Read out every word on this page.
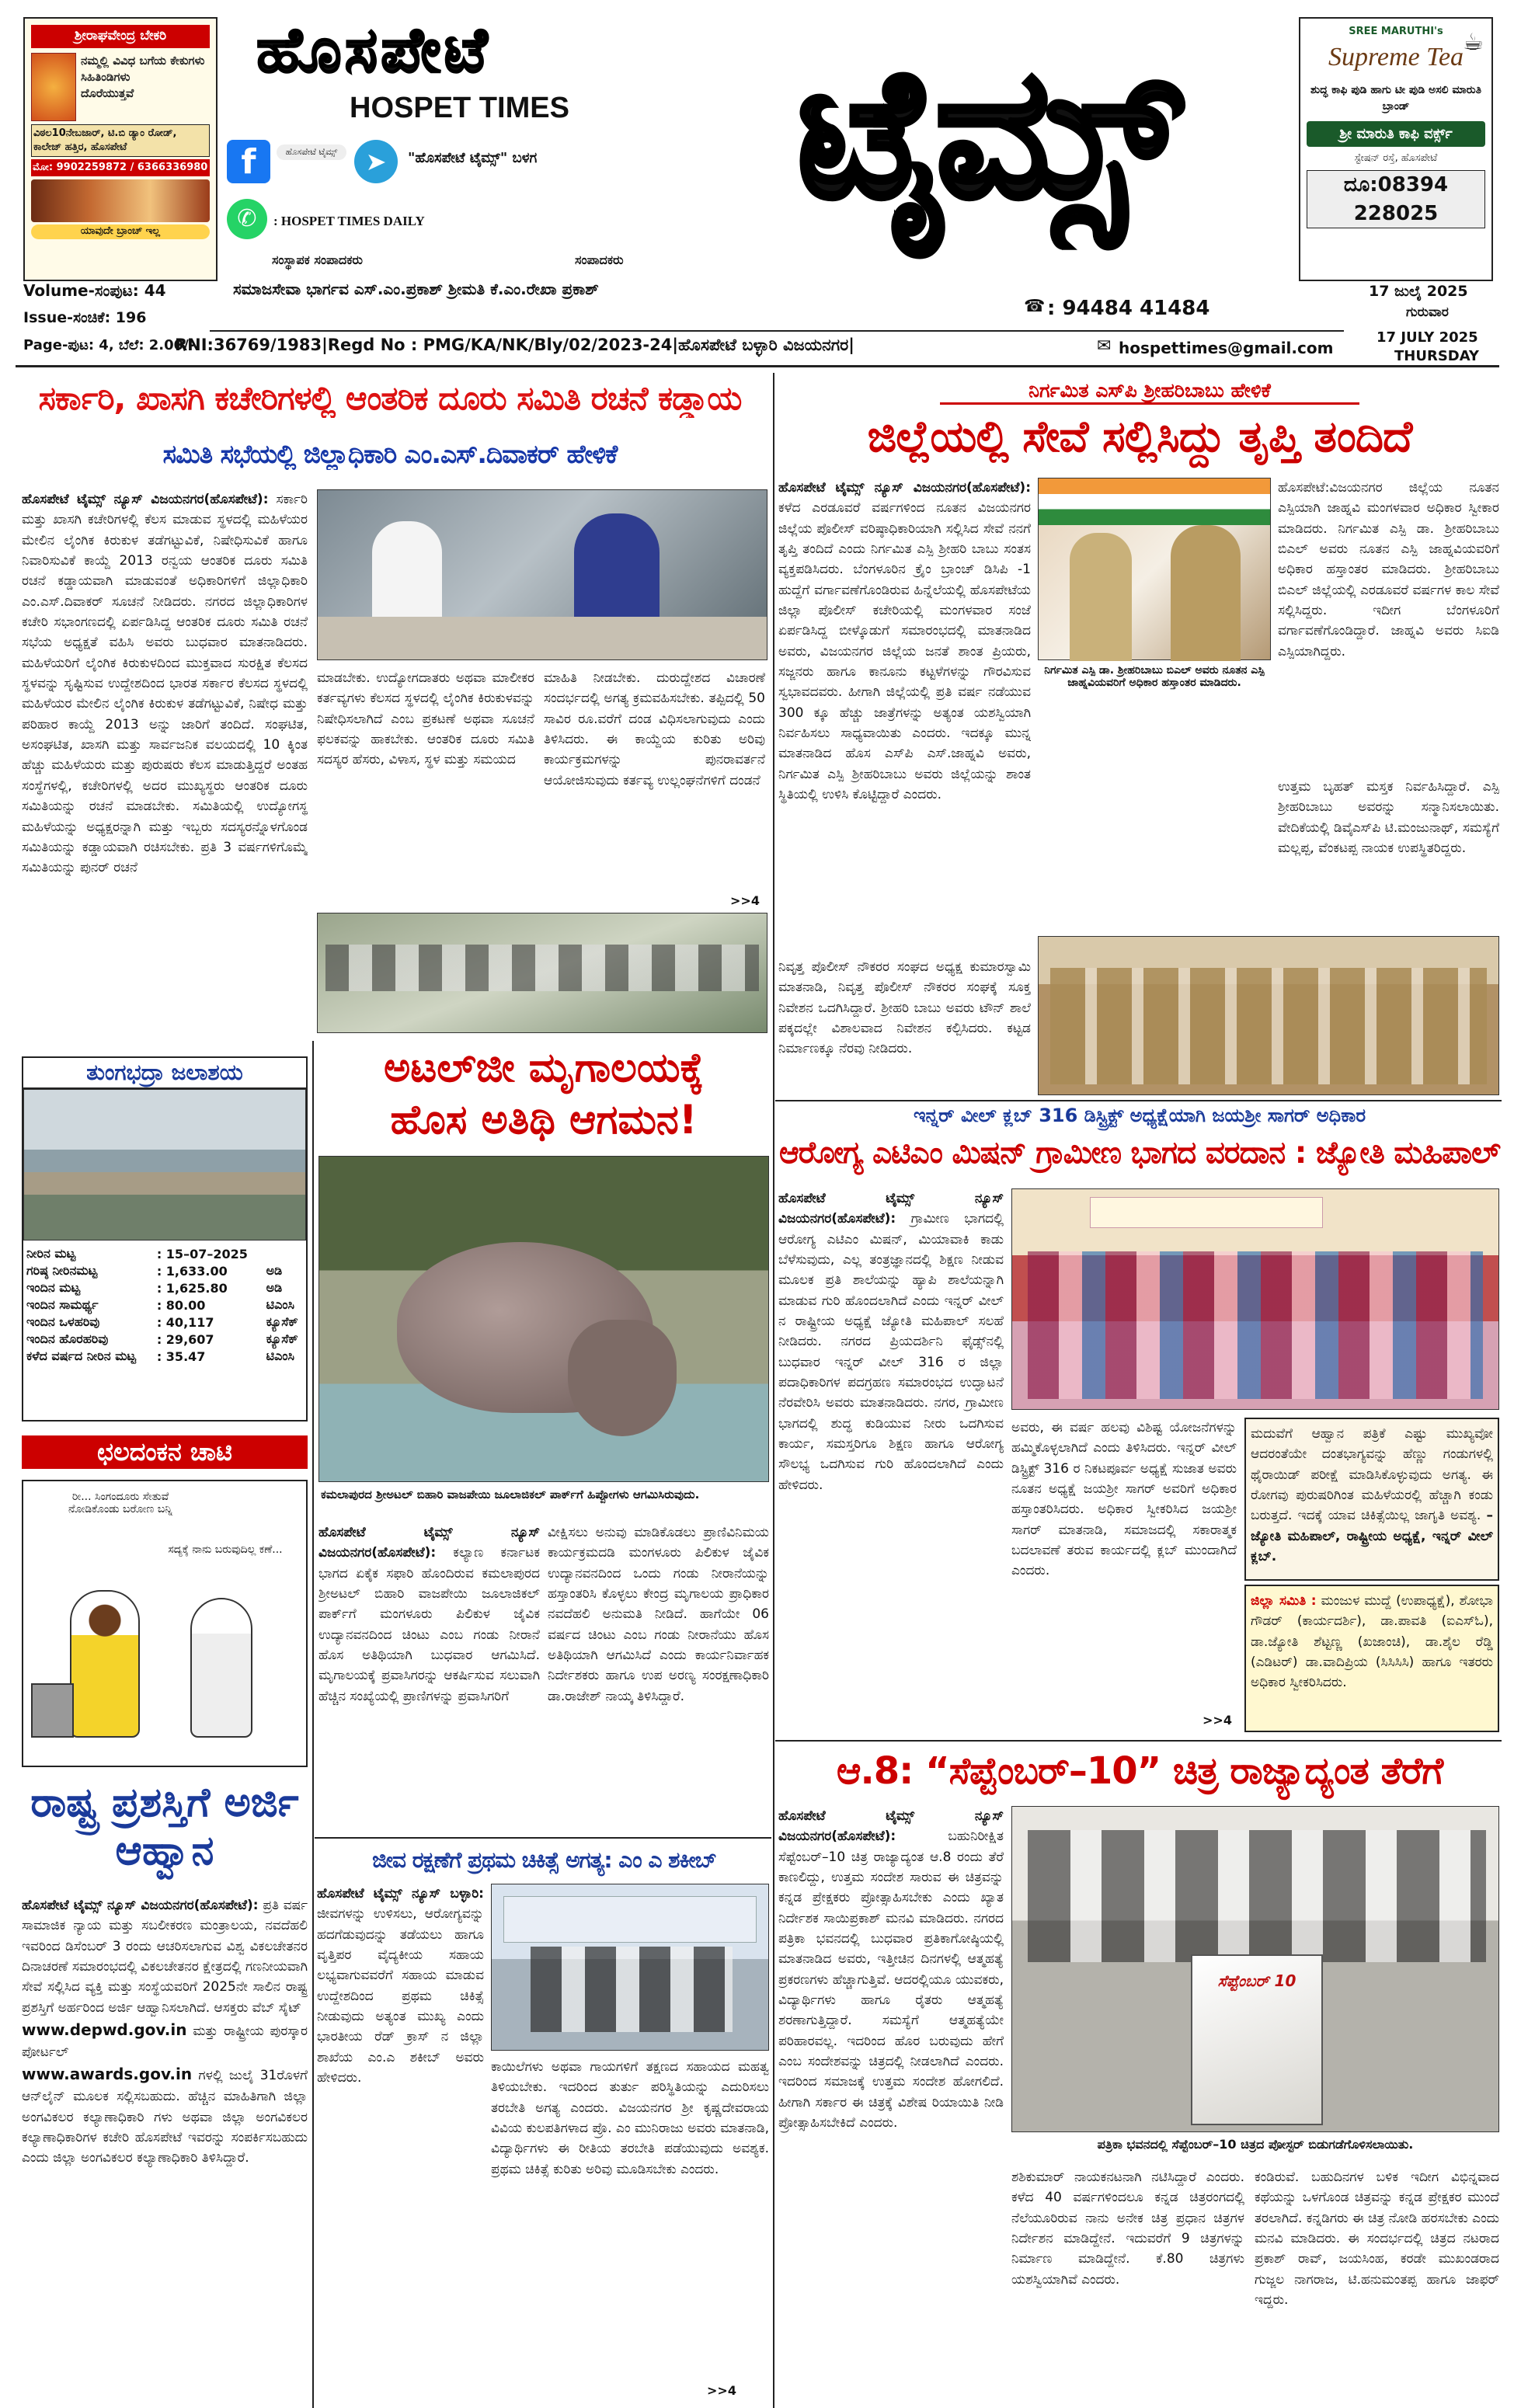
ಶ್ರೀರಾಘವೇಂದ್ರ ಬೇಕರಿ
ನಮ್ಮಲ್ಲಿ ವಿವಿಧ ಬಗೆಯ ಕೇಕುಗಳು ಸಿಹಿತಿಂಡಿಗಳು
ದೊರೆಯುತ್ತವೆ
ವಿಠಲ10ನೇಬಜಾರ್, ಟಿ.ಬಿ ಡ್ಯಾಂ ರೋಡ್, ಕಾಲೇಜ್ ಹತ್ತಿರ, ಹೊಸಪೇಟೆ
ಮೋ: 9902259872 / 6366336980
ಯಾವುದೇ ಬ್ರಾಂಚ್ ಇಲ್ಲ
ಹೊಸಪೇಟೆ
HOSPET TIMES
f	ಹೊಸಪೇಟೆ ಟೈಮ್ಸ್	➤	"ಹೊಸಪೇಟೆ ಟೈಮ್ಸ್" ಬಳಗ
✆	: HOSPET TIMES DAILY	ಟೈಮ್ಸ್	SREE MARUTHI's
Supreme Tea
☕
ಶುದ್ಧ ಕಾಫಿ ಪುಡಿ ಹಾಗು ಟೀ ಪುಡಿ ಅಸಲಿ ಮಾರುತಿ ಬ್ರಾಂಡ್
ಶ್ರೀ ಮಾರುತಿ ಕಾಫಿ ವರ್ಕ್ಸ್
ಸ್ಟೇಷನ್ ರಸ್ತೆ, ಹೊಸಪೇಟೆ
ದೂ:08394 228025
ಸಂಸ್ಥಾಪಕ ಸಂಪಾದಕರು	ಸಂಪಾದಕರು
Volume-ಸಂಪುಟ: 44
Issue-ಸಂಚಿಕೆ: 196
Page-ಪುಟ: 4, ಬೆಲೆ: 2.00/-
ಸಮಾಜಸೇವಾ ಭಾರ್ಗವ ಎಸ್.ಎಂ.ಪ್ರಕಾಶ್ ಶ್ರೀಮತಿ ಕೆ.ಎಂ.ರೇಖಾ ಪ್ರಕಾಶ್
☎ : 94484 41484
17 ಜುಲೈ 2025
ಗುರುವಾರ
RNI:36769/1983|Regd No : PMG/KA/NK/Bly/02/2023-24|ಹೊಸಪೇಟೆ ಬಳ್ಳಾರಿ ವಿಜಯನಗರ|	✉ hospettimes@gmail.com
17 JULY 2025
THURSDAY
ಸರ್ಕಾರಿ, ಖಾಸಗಿ ಕಚೇರಿಗಳಲ್ಲಿ ಆಂತರಿಕ ದೂರು ಸಮಿತಿ ರಚನೆ ಕಡ್ಡಾಯ
ಸಮಿತಿ ಸಭೆಯಲ್ಲಿ ಜಿಲ್ಲಾಧಿಕಾರಿ ಎಂ.ಎಸ್.ದಿವಾಕರ್ ಹೇಳಿಕೆ
ಹೊಸಪೇಟೆ ಟೈಮ್ಸ್ ನ್ಯೂಸ್ ವಿಜಯನಗರ(ಹೊಸಪೇಟೆ): ಸರ್ಕಾರಿ ಮತ್ತು ಖಾಸಗಿ ಕಚೇರಿಗಳಲ್ಲಿ ಕೆಲಸ ಮಾಡುವ ಸ್ಥಳದಲ್ಲಿ ಮಹಿಳೆಯರ ಮೇಲಿನ ಲೈಂಗಿಕ ಕಿರುಕುಳ ತಡೆಗಟ್ಟುವಿಕೆ, ನಿಷೇಧಿಸುವಿಕೆ ಹಾಗೂ ನಿವಾರಿಸುವಿಕೆ ಕಾಯ್ದೆ 2013 ರನ್ವಯ ಆಂತರಿಕ ದೂರು ಸಮಿತಿ ರಚನೆ ಕಡ್ಡಾಯವಾಗಿ ಮಾಡುವಂತೆ ಅಧಿಕಾರಿಗಳಿಗೆ ಜಿಲ್ಲಾಧಿಕಾರಿ ಎಂ.ಎಸ್.ದಿವಾಕರ್ ಸೂಚನೆ ನೀಡಿದರು. ನಗರದ ಜಿಲ್ಲಾಧಿಕಾರಿಗಳ ಕಚೇರಿ ಸಭಾಂಗಣದಲ್ಲಿ ಏರ್ಪಡಿಸಿದ್ದ ಆಂತರಿಕ ದೂರು ಸಮಿತಿ ರಚನೆ ಸಭೆಯ ಅಧ್ಯಕ್ಷತೆ ವಹಿಸಿ ಅವರು ಬುಧವಾರ ಮಾತನಾಡಿದರು. ಮಹಿಳೆಯರಿಗೆ ಲೈಂಗಿಕ ಕಿರುಕುಳದಿಂದ ಮುಕ್ತವಾದ ಸುರಕ್ಷಿತ ಕೆಲಸದ ಸ್ಥಳವನ್ನು ಸೃಷ್ಟಿಸುವ ಉದ್ದೇಶದಿಂದ ಭಾರತ ಸರ್ಕಾರ ಕೆಲಸದ ಸ್ಥಳದಲ್ಲಿ ಮಹಿಳೆಯರ ಮೇಲಿನ ಲೈಂಗಿಕ ಕಿರುಕುಳ ತಡೆಗಟ್ಟುವಿಕೆ, ನಿಷೇಧ ಮತ್ತು ಪರಿಹಾರ ಕಾಯ್ದೆ 2013 ಅನ್ನು ಜಾರಿಗೆ ತಂದಿದೆ. ಸಂಘಟಿತ, ಅಸಂಘಟಿತ, ಖಾಸಗಿ ಮತ್ತು ಸಾರ್ವಜನಿಕ ವಲಯದಲ್ಲಿ 10 ಕ್ಕಿಂತ ಹೆಚ್ಚು ಮಹಿಳೆಯರು ಮತ್ತು ಪುರುಷರು ಕೆಲಸ ಮಾಡುತ್ತಿದ್ದರೆ ಅಂತಹ ಸಂಸ್ಥೆಗಳಲ್ಲಿ, ಕಚೇರಿಗಳಲ್ಲಿ ಅದರ ಮುಖ್ಯಸ್ಥರು ಆಂತರಿಕ ದೂರು ಸಮಿತಿಯನ್ನು ರಚನೆ ಮಾಡಬೇಕು. ಸಮಿತಿಯಲ್ಲಿ ಉದ್ಯೋಗಸ್ಥ ಮಹಿಳೆಯನ್ನು ಅಧ್ಯಕ್ಷರನ್ನಾಗಿ ಮತ್ತು ಇಬ್ಬರು ಸದಸ್ಯರನ್ನೊಳಗೊಂಡ ಸಮಿತಿಯನ್ನು ಕಡ್ಡಾಯವಾಗಿ ರಚಿಸಬೇಕು. ಪ್ರತಿ 3 ವರ್ಷಗಳಿಗೊಮ್ಮೆ ಸಮಿತಿಯನ್ನು ಪುನರ್ ರಚನೆ
ಮಾಡಬೇಕು. ಉದ್ಯೋಗದಾತರು ಅಥವಾ ಮಾಲೀಕರ ಕರ್ತವ್ಯಗಳು ಕೆಲಸದ ಸ್ಥಳದಲ್ಲಿ ಲೈಂಗಿಕ ಕಿರುಕುಳವನ್ನು ನಿಷೇಧಿಸಲಾಗಿದೆ ಎಂಬ ಪ್ರಕಟಣೆ ಅಥವಾ ಸೂಚನೆ ಫಲಕವನ್ನು ಹಾಕಬೇಕು. ಆಂತರಿಕ ದೂರು ಸಮಿತಿ ಸದಸ್ಯರ ಹೆಸರು, ವಿಳಾಸ, ಸ್ಥಳ ಮತ್ತು ಸಮಯದ
ಮಾಹಿತಿ ನೀಡಬೇಕು. ದುರುದ್ದೇಶದ ವಿಚಾರಣೆ ಸಂದರ್ಭದಲ್ಲಿ ಅಗತ್ಯ ಕ್ರಮವಹಿಸಬೇಕು. ತಪ್ಪಿದಲ್ಲಿ 50 ಸಾವಿರ ರೂ.ವರೆಗೆ ದಂಡ ವಿಧಿಸಲಾಗುವುದು ಎಂದು ತಿಳಿಸಿದರು. ಈ ಕಾಯ್ದೆಯ ಕುರಿತು ಅರಿವು ಕಾರ್ಯಕ್ರಮಗಳನ್ನು ಪುನರಾವರ್ತನೆ ಆಯೋಜಿಸುವುದು ಕರ್ತವ್ಯ ಉಲ್ಲಂಘನೆಗಳಿಗೆ ದಂಡನೆ
>>4
ತುಂಗಭದ್ರಾ ಜಲಾಶಯ
ನೀರಿನ ಮಟ್ಟ	: 15–07–2025	
ಗರಿಷ್ಠ ನೀರಿನಮಟ್ಟ	: 1,633.00	ಅಡಿ
ಇಂದಿನ ಮಟ್ಟ	: 1,625.80	ಅಡಿ
ಇಂದಿನ ಸಾಮರ್ಥ್ಯ	: 80.00	ಟಿಎಂಸಿ
ಇಂದಿನ ಒಳಹರಿವು	: 40,117	ಕ್ಯೂಸೆಕ್
ಇಂದಿನ ಹೊರಹರಿವು	: 29,607	ಕ್ಯೂಸೆಕ್
ಕಳೆದ ವರ್ಷದ ನೀರಿನ ಮಟ್ಟ	: 35.47	ಟಿಎಂಸಿ
ಛಲದಂಕನ ಚಾಟಿ
ರೀ... ಸಿಂಗಂದೂರು ಸೇತುವೆ ನೋಡಿಕೊಂಡು ಬರೋಣ ಬನ್ನಿ
ಸದ್ಯಕ್ಕೆ ನಾನು ಬರುವುದಿಲ್ಲ ಕಣೆ...
ರಾಷ್ಟ್ರ ಪ್ರಶಸ್ತಿಗೆ ಅರ್ಜಿ ಆಹ್ವಾನ
ಹೊಸಪೇಟೆ ಟೈಮ್ಸ್ ನ್ಯೂಸ್ ವಿಜಯನಗರ(ಹೊಸಪೇಟೆ): ಪ್ರತಿ ವರ್ಷ ಸಾಮಾಜಿಕ ನ್ಯಾಯ ಮತ್ತು ಸಬಲೀಕರಣ ಮಂತ್ರಾಲಯ, ನವದೆಹಲಿ ಇವರಿಂದ ಡಿಸೆಂಬರ್ 3 ರಂದು ಆಚರಿಸಲಾಗುವ ವಿಶ್ವ ವಿಕಲಚೇತನರ ದಿನಾಚರಣೆ ಸಮಾರಂಭದಲ್ಲಿ ವಿಕಲಚೇತನರ ಕ್ಷೇತ್ರದಲ್ಲಿ ಗಣನೀಯವಾಗಿ ಸೇವೆ ಸಲ್ಲಿಸಿದ ವ್ಯಕ್ತಿ ಮತ್ತು ಸಂಸ್ಥೆಯವರಿಗೆ 2025ನೇ ಸಾಲಿನ ರಾಷ್ಟ್ರ ಪ್ರಶಸ್ತಿಗೆ ಅರ್ಹರಿಂದ ಅರ್ಜಿ ಆಹ್ವಾನಿಸಲಾಗಿದೆ. ಆಸಕ್ತರು ವೆಬ್ ಸೈಟ್
www.depwd.gov.in ಮತ್ತು ರಾಷ್ಟ್ರೀಯ ಪುರಸ್ಕಾರ ಪೋರ್ಟಲ್
www.awards.gov.in ಗಳಲ್ಲಿ ಜುಲೈ 31ರೊಳಗೆ ಆನ್‌ಲೈನ್ ಮೂಲಕ ಸಲ್ಲಿಸಬಹುದು. ಹೆಚ್ಚಿನ ಮಾಹಿತಿಗಾಗಿ ಜಿಲ್ಲಾ ಅಂಗವಿಕಲರ ಕಲ್ಯಾಣಾಧಿಕಾರಿ ಗಳು ಅಥವಾ ಜಿಲ್ಲಾ ಅಂಗವಿಕಲರ ಕಲ್ಯಾಣಾಧಿಕಾರಿಗಳ ಕಚೇರಿ ಹೊಸಪೇಟೆ ಇವರನ್ನು ಸಂಪರ್ಕಿಸಬಹುದು ಎಂದು ಜಿಲ್ಲಾ ಅಂಗವಿಕಲರ ಕಲ್ಯಾಣಾಧಿಕಾರಿ ತಿಳಿಸಿದ್ದಾರೆ.
ಅಟಲ್‌ಜೀ ಮೃಗಾಲಯಕ್ಕೆ
ಹೊಸ ಅತಿಥಿ ಆಗಮನ!
ಕಮಲಾಪುರದ ಶ್ರೀಅಟಲ್ ಬಿಹಾರಿ ವಾಜಪೇಯಿ ಜೂಲಾಜಿಕಲ್ ಪಾರ್ಕ್‌ಗೆ ಹಿಪ್ಪೋಗಳು ಆಗಮಿಸಿರುವುದು.
ಹೊಸಪೇಟೆ ಟೈಮ್ಸ್ ನ್ಯೂಸ್ ವಿಜಯನಗರ(ಹೊಸಪೇಟೆ): ಕಲ್ಯಾಣ ಕರ್ನಾಟಕ ಭಾಗದ ಏಕೈಕ ಸಫಾರಿ ಹೊಂದಿರುವ ಕಮಲಾಪುರದ ಶ್ರೀಅಟಲ್ ಬಿಹಾರಿ ವಾಜಪೇಯಿ ಜೂಲಾಜಿಕಲ್ ಪಾರ್ಕ್‌ಗೆ ಮಂಗಳೂರು ಪಿಲಿಕುಳ ಜೈವಿಕ ಉದ್ಯಾನವನದಿಂದ ಚಿಂಟು ಎಂಬ ಗಂಡು ನೀರಾನೆ ಹೊಸ ಅತಿಥಿಯಾಗಿ ಬುಧವಾರ ಆಗಮಿಸಿದೆ. ಮೃಗಾಲಯಕ್ಕೆ ಪ್ರವಾಸಿಗರನ್ನು ಆಕರ್ಷಿಸುವ ಸಲುವಾಗಿ ಹೆಚ್ಚಿನ ಸಂಖ್ಯೆಯಲ್ಲಿ ಪ್ರಾಣಿಗಳನ್ನು ಪ್ರವಾಸಿಗರಿಗೆ
ವೀಕ್ಷಿಸಲು ಅನುವು ಮಾಡಿಕೊಡಲು ಪ್ರಾಣಿವಿನಿಮಯ ಕಾರ್ಯಕ್ರಮದಡಿ ಮಂಗಳೂರು ಪಿಲಿಕುಳ ಜೈವಿಕ ಉದ್ಯಾನವನದಿಂದ ಒಂದು ಗಂಡು ನೀರಾನೆಯನ್ನು ಹಸ್ತಾಂತರಿಸಿ ಕೊಳ್ಳಲು ಕೇಂದ್ರ ಮೃಗಾಲಯ ಪ್ರಾಧಿಕಾರ ನವದೆಹಲಿ ಅನುಮತಿ ನೀಡಿದೆ. ಹಾಗೆಯೇ 06 ವರ್ಷದ ಚಿಂಟು ಎಂಬ ಗಂಡು ನೀರಾನೆಯು ಹೊಸ ಅತಿಥಿಯಾಗಿ ಆಗಮಿಸಿದೆ ಎಂದು ಕಾರ್ಯನಿರ್ವಾಹಕ ನಿರ್ದೇಶಕರು ಹಾಗೂ ಉಪ ಅರಣ್ಯ ಸಂರಕ್ಷಣಾಧಿಕಾರಿ ಡಾ.ರಾಜೇಶ್ ನಾಯ್ಕ ತಿಳಿಸಿದ್ದಾರೆ.
ಜೀವ ರಕ್ಷಣೆಗೆ ಪ್ರಥಮ ಚಿಕಿತ್ಸೆ ಅಗತ್ಯ: ಎಂ ಎ ಶಕೀಬ್
ಹೊಸಪೇಟೆ ಟೈಮ್ಸ್ ನ್ಯೂಸ್ ಬಳ್ಳಾರಿ: ಜೀವಗಳನ್ನು ಉಳಿಸಲು, ಆರೋಗ್ಯವನ್ನು ಹದಗೆಡುವುದನ್ನು ತಡೆಯಲು ಹಾಗೂ ವೃತ್ತಿಪರ ವೈದ್ಯಕೀಯ ಸಹಾಯ ಲಭ್ಯವಾಗುವವರೆಗೆ ಸಹಾಯ ಮಾಡುವ ಉದ್ದೇಶದಿಂದ ಪ್ರಥಮ ಚಿಕಿತ್ಸೆ ನೀಡುವುದು ಅತ್ಯಂತ ಮುಖ್ಯ ಎಂದು ಭಾರತೀಯ ರೆಡ್ ಕ್ರಾಸ್ ನ ಜಿಲ್ಲಾ ಶಾಖೆಯ ಎಂ.ಎ ಶಕೀಬ್ ಅವರು ಹೇಳಿದರು.
ಕಾಯಿಲೆಗಳು ಅಥವಾ ಗಾಯಗಳಿಗೆ ತಕ್ಷಣದ ಸಹಾಯದ ಮಹತ್ವ ತಿಳಿಯಬೇಕು. ಇದರಿಂದ ತುರ್ತು ಪರಿಸ್ಥಿತಿಯನ್ನು ಎದುರಿಸಲು ತರಬೇತಿ ಅಗತ್ಯ ಎಂದರು. ವಿಜಯನಗರ ಶ್ರೀ ಕೃಷ್ಣದೇವರಾಯ ವಿವಿಯ ಕುಲಪತಿಗಳಾದ ಪ್ರೊ. ಎಂ ಮುನಿರಾಜು ಅವರು ಮಾತನಾಡಿ, ವಿದ್ಯಾರ್ಥಿಗಳು ಈ ರೀತಿಯ ತರಬೇತಿ ಪಡೆಯುವುದು ಅವಶ್ಯಕ. ಪ್ರಥಮ ಚಿಕಿತ್ಸೆ ಕುರಿತು ಅರಿವು ಮೂಡಿಸಬೇಕು ಎಂದರು.
>>4
ನಿರ್ಗಮಿತ ಎಸ್‌ಪಿ ಶ್ರೀಹರಿಬಾಬು ಹೇಳಿಕೆ
ಜಿಲ್ಲೆಯಲ್ಲಿ ಸೇವೆ ಸಲ್ಲಿಸಿದ್ದು ತೃಪ್ತಿ ತಂದಿದೆ
ಹೊಸಪೇಟೆ ಟೈಮ್ಸ್ ನ್ಯೂಸ್ ವಿಜಯನಗರ(ಹೊಸಪೇಟೆ): ಕಳೆದ ಎರಡೂವರೆ ವರ್ಷಗಳಿಂದ ನೂತನ ವಿಜಯನಗರ ಜಿಲ್ಲೆಯ ಪೊಲೀಸ್ ವರಿಷ್ಠಾಧಿಕಾರಿಯಾಗಿ ಸಲ್ಲಿಸಿದ ಸೇವೆ ನನಗೆ ತೃಪ್ತಿ ತಂದಿದೆ ಎಂದು ನಿರ್ಗಮಿತ ಎಸ್ಪಿ ಶ್ರೀಹರಿ ಬಾಬು ಸಂತಸ ವ್ಯಕ್ತಪಡಿಸಿದರು. ಬೆಂಗಳೂರಿನ ಕ್ರೈಂ ಬ್ರಾಂಚ್ ಡಿಸಿಪಿ -1 ಹುದ್ದೆಗೆ ವರ್ಗಾವಣೆಗೊಂಡಿರುವ ಹಿನ್ನೆಲೆಯಲ್ಲಿ ಹೊಸಪೇಟೆಯ ಜಿಲ್ಲಾ ಪೊಲೀಸ್ ಕಚೇರಿಯಲ್ಲಿ ಮಂಗಳವಾರ ಸಂಜೆ ಏರ್ಪಡಿಸಿದ್ದ ಬೀಳ್ಕೊಡುಗೆ ಸಮಾರಂಭದಲ್ಲಿ ಮಾತನಾಡಿದ ಅವರು, ವಿಜಯನಗರ ಜಿಲ್ಲೆಯ ಜನತೆ ಶಾಂತ ಪ್ರಿಯರು, ಸಜ್ಜನರು ಹಾಗೂ ಕಾನೂನು ಕಟ್ಟಳೆಗಳನ್ನು ಗೌರವಿಸುವ ಸ್ವಭಾವದವರು. ಹೀಗಾಗಿ ಜಿಲ್ಲೆಯಲ್ಲಿ ಪ್ರತಿ ವರ್ಷ ನಡೆಯುವ 300 ಕ್ಕೂ ಹೆಚ್ಚು ಜಾತ್ರೆಗಳನ್ನು ಅತ್ಯಂತ ಯಶಸ್ವಿಯಾಗಿ ನಿರ್ವಹಿಸಲು ಸಾಧ್ಯವಾಯಿತು ಎಂದರು. ಇದಕ್ಕೂ ಮುನ್ನ ಮಾತನಾಡಿದ ಹೊಸ ಎಸ್‌ಪಿ ಎಸ್.ಜಾಹ್ನವಿ ಅವರು, ನಿರ್ಗಮಿತ ಎಸ್ಪಿ ಶ್ರೀಹರಿಬಾಬು ಅವರು ಜಿಲ್ಲೆಯನ್ನು ಶಾಂತ ಸ್ಥಿತಿಯಲ್ಲಿ ಉಳಿಸಿ ಕೊಟ್ಟಿದ್ದಾರೆ ಎಂದರು.
ನಿವೃತ್ತ ಪೊಲೀಸ್ ನೌಕರರ ಸಂಘದ ಅಧ್ಯಕ್ಷ ಕುಮಾರಸ್ವಾಮಿ ಮಾತನಾಡಿ, ನಿವೃತ್ತ ಪೊಲೀಸ್ ನೌಕರರ ಸಂಘಕ್ಕೆ ಸೂಕ್ತ ನಿವೇಶನ ಒದಗಿಸಿದ್ದಾರೆ. ಶ್ರೀಹರಿ ಬಾಬು ಅವರು ಟೌನ್ ಶಾಲೆ ಪಕ್ಕದಲ್ಲೇ ವಿಶಾಲವಾದ ನಿವೇಶನ ಕಲ್ಪಿಸಿದರು. ಕಟ್ಟಡ ನಿರ್ಮಾಣಕ್ಕೂ ನೆರವು ನೀಡಿದರು.
ನಿರ್ಗಮಿತ ಎಸ್ಪಿ ಡಾ. ಶ್ರೀಹರಿಬಾಬು ಬಿಎಲ್ ಅವರು ನೂತನ ಎಸ್ಪಿ ಜಾಹ್ನವಿಯವರಿಗೆ ಅಧಿಕಾರ ಹಸ್ತಾಂತರ ಮಾಡಿದರು.
ಹೊಸಪೇಟೆ:ವಿಜಯನಗರ ಜಿಲ್ಲೆಯ ನೂತನ ಎಸ್ಪಿಯಾಗಿ ಜಾಹ್ನವಿ ಮಂಗಳವಾರ ಅಧಿಕಾರ ಸ್ವೀಕಾರ ಮಾಡಿದರು. ನಿರ್ಗಮಿತ ಎಸ್ಪಿ ಡಾ. ಶ್ರೀಹರಿಬಾಬು ಬಿಎಲ್ ಅವರು ನೂತನ ಎಸ್ಪಿ ಜಾಹ್ನವಿಯವರಿಗೆ ಅಧಿಕಾರ ಹಸ್ತಾಂತರ ಮಾಡಿದರು. ಶ್ರೀಹರಿಬಾಬು ಬಿಎಲ್ ಜಿಲ್ಲೆಯಲ್ಲಿ ಎರಡೂವರೆ ವರ್ಷಗಳ ಕಾಲ ಸೇವೆ ಸಲ್ಲಿಸಿದ್ದರು. ಇದೀಗ ಬೆಂಗಳೂರಿಗೆ ವರ್ಗಾವಣೆಗೊಂಡಿದ್ದಾರೆ. ಜಾಹ್ನವಿ ಅವರು ಸಿಐಡಿ ಎಸ್ಪಿಯಾಗಿದ್ದರು.
ಉತ್ತಮ ಬೃಹತ್ ಮಸ್ತಕ ನಿರ್ವಹಿಸಿದ್ದಾರೆ. ಎಸ್ಪಿ ಶ್ರೀಹರಿಬಾಬು ಅವರನ್ನು ಸನ್ಮಾನಿಸಲಾಯಿತು. ವೇದಿಕೆಯಲ್ಲಿ ಡಿವೈಎಸ್‌ಪಿ ಟಿ.ಮಂಜುನಾಥ್, ಸಮಸ್ಯೆಗೆ ಮಲ್ಲಪ್ಪ, ವೆಂಕಟಪ್ಪ ನಾಯಕ ಉಪಸ್ಥಿತರಿದ್ದರು.
ಇನ್ನರ್ ವೀಲ್ ಕ್ಲಬ್ 316 ಡಿಸ್ಟ್ರಿಕ್ಟ್ ಅಧ್ಯಕ್ಷೆಯಾಗಿ ಜಯಶ್ರೀ ಸಾಗರ್ ಅಧಿಕಾರ
ಆರೋಗ್ಯ ಎಟಿಎಂ ಮಿಷನ್ ಗ್ರಾಮೀಣ ಭಾಗದ ವರದಾನ : ಜ್ಯೋತಿ ಮಹಿಪಾಲ್
ಹೊಸಪೇಟೆ ಟೈಮ್ಸ್ ನ್ಯೂಸ್ ವಿಜಯನಗರ(ಹೊಸಪೇಟೆ): ಗ್ರಾಮೀಣ ಭಾಗದಲ್ಲಿ ಆರೋಗ್ಯ ಎಟಿಎಂ ಮಿಷನ್, ಮಿಯಾವಾಕಿ ಕಾಡು ಬೆಳೆಸುವುದು, ಎಲ್ಲ ತಂತ್ರಜ್ಞಾನದಲ್ಲಿ ಶಿಕ್ಷಣ ನೀಡುವ ಮೂಲಕ ಪ್ರತಿ ಶಾಲೆಯನ್ನು ಹ್ಯಾಪಿ ಶಾಲೆಯನ್ನಾಗಿ ಮಾಡುವ ಗುರಿ ಹೊಂದಲಾಗಿದೆ ಎಂದು ಇನ್ನರ್ ವೀಲ್ ನ ರಾಷ್ಟ್ರೀಯ ಅಧ್ಯಕ್ಷೆ ಜ್ಯೋತಿ ಮಹಿಪಾಲ್ ಸಲಹೆ ನೀಡಿದರು. ನಗರದ ಪ್ರಿಯದರ್ಶಿನಿ ಫೈಡ್ಸ್‌ನಲ್ಲಿ ಬುಧವಾರ ಇನ್ನರ್ ವೀಲ್ 316 ರ ಜಿಲ್ಲಾ ಪದಾಧಿಕಾರಿಗಳ ಪದಗ್ರಹಣ ಸಮಾರಂಭದ ಉದ್ಘಾಟನೆ ನೆರವೇರಿಸಿ ಅವರು ಮಾತನಾಡಿದರು. ನಗರ, ಗ್ರಾಮೀಣ ಭಾಗದಲ್ಲಿ ಶುದ್ಧ ಕುಡಿಯುವ ನೀರು ಒದಗಿಸುವ ಕಾರ್ಯ, ಸಮಸ್ತರಿಗೂ ಶಿಕ್ಷಣ ಹಾಗೂ ಆರೋಗ್ಯ ಸೌಲಭ್ಯ ಒದಗಿಸುವ ಗುರಿ ಹೊಂದಲಾಗಿದೆ ಎಂದು ಹೇಳಿದರು.
ಅವರು, ಈ ವರ್ಷ ಹಲವು ವಿಶಿಷ್ಟ ಯೋಜನೆಗಳನ್ನು ಹಮ್ಮಿಕೊಳ್ಳಲಾಗಿದೆ ಎಂದು ತಿಳಿಸಿದರು. ಇನ್ನರ್ ವೀಲ್ ಡಿಸ್ಟ್ರಿಕ್ಟ್ 316 ರ ನಿಕಟಪೂರ್ವ ಅಧ್ಯಕ್ಷೆ ಸುಜಾತ ಅವರು ನೂತನ ಅಧ್ಯಕ್ಷೆ ಜಯಶ್ರೀ ಸಾಗರ್ ಅವರಿಗೆ ಅಧಿಕಾರ ಹಸ್ತಾಂತರಿಸಿದರು. ಅಧಿಕಾರ ಸ್ವೀಕರಿಸಿದ ಜಯಶ್ರೀ ಸಾಗರ್ ಮಾತನಾಡಿ, ಸಮಾಜದಲ್ಲಿ ಸಕಾರಾತ್ಮಕ ಬದಲಾವಣೆ ತರುವ ಕಾರ್ಯದಲ್ಲಿ ಕ್ಲಬ್ ಮುಂದಾಗಿದೆ ಎಂದರು.
>>4
ಮದುವೆಗೆ ಆಹ್ವಾನ ಪತ್ರಿಕೆ ಎಷ್ಟು ಮುಖ್ಯವೋ ಆದರಂತೆಯೇ ದಂತಭಾಗ್ಯವನ್ನು ಹೆಣ್ಣು ಗಂಡುಗಳಲ್ಲಿ ಥೈರಾಯಿಡ್ ಪರೀಕ್ಷೆ ಮಾಡಿಸಿಕೊಳ್ಳುವುದು ಅಗತ್ಯ. ಈ ರೋಗವು ಪುರುಷರಿಗಿಂತ ಮಹಿಳೆಯರಲ್ಲಿ ಹೆಚ್ಚಾಗಿ ಕಂಡು ಬರುತ್ತದೆ. ಇದಕ್ಕೆ ಯಾವ ಚಿಕಿತ್ಸೆಯಿಲ್ಲ ಜಾಗೃತಿ ಅವಶ್ಯ. – ಜ್ಯೋತಿ ಮಹಿಪಾಲ್, ರಾಷ್ಟ್ರೀಯ ಅಧ್ಯಕ್ಷೆ, ಇನ್ನರ್ ವೀಲ್ ಕ್ಲಬ್.
ಜಿಲ್ಲಾ ಸಮಿತಿ : ಮಂಜುಳ ಮುದ್ದೆ (ಉಪಾಧ್ಯಕ್ಷೆ), ಶೋಭಾ ಗೌಡರ್ (ಕಾರ್ಯದರ್ಶಿ), ಡಾ.ಪಾವತಿ (ಐಎಸ್ಓ), ಡಾ.ಜ್ಯೋತಿ ಶೆಟ್ಟಣ್ಣ (ಖಜಾಂಚಿ), ಡಾ.ಶೈಲ ರೆಡ್ಡಿ (ಎಡಿಟರ್) ಡಾ.ವಾದಿಪ್ರಿಯ (ಸಿಸಿಸಿಸಿ) ಹಾಗೂ ಇತರರು ಅಧಿಕಾರ ಸ್ವೀಕರಿಸಿದರು.
ಆ.8: “ಸೆಪ್ಟೆಂಬರ್–10” ಚಿತ್ರ ರಾಜ್ಯಾದ್ಯಂತ ತೆರೆಗೆ
ಹೊಸಪೇಟೆ ಟೈಮ್ಸ್ ನ್ಯೂಸ್ ವಿಜಯನಗರ(ಹೊಸಪೇಟೆ):	ಬಹುನಿರೀಕ್ಷಿತ ಸೆಪ್ಟೆಂಬರ್–10 ಚಿತ್ರ ರಾಜ್ಯಾದ್ಯಂತ ಆ.8 ರಂದು ತೆರೆ ಕಾಣಲಿದ್ದು, ಉತ್ತಮ ಸಂದೇಶ ಸಾರುವ ಈ ಚಿತ್ರವನ್ನು ಕನ್ನಡ ಪ್ರೇಕ್ಷಕರು ಪ್ರೋತ್ಸಾಹಿಸಬೇಕು ಎಂದು ಖ್ಯಾತ ನಿರ್ದೇಶಕ ಸಾಯಿಪ್ರಕಾಶ್ ಮನವಿ ಮಾಡಿದರು. ನಗರದ ಪತ್ರಿಕಾ ಭವನದಲ್ಲಿ ಬುಧವಾರ ಪ್ರತಿಕಾಗೋಷ್ಠಿಯಲ್ಲಿ ಮಾತನಾಡಿದ ಅವರು, ಇತ್ತೀಚಿನ ದಿನಗಳಲ್ಲಿ ಆತ್ಮಹತ್ಯೆ ಪ್ರಕರಣಗಳು ಹೆಚ್ಚಾಗುತ್ತಿವೆ. ಆದರಲ್ಲಿಯೂ ಯುವಕರು, ವಿದ್ಯಾರ್ಥಿಗಳು ಹಾಗೂ ರೈತರು ಆತ್ಮಹತ್ಯೆ ಶರಣಾಗುತ್ತಿದ್ದಾರೆ. ಸಮಸ್ಯೆಗೆ ಆತ್ಮಹತ್ಯೆಯೇ ಪರಿಹಾರವಲ್ಲ. ಇದರಿಂದ ಹೊರ ಬರುವುದು ಹೇಗೆ ಎಂಬ ಸಂದೇಶವನ್ನು ಚಿತ್ರದಲ್ಲಿ ನೀಡಲಾಗಿದೆ ಎಂದರು. ಇದರಿಂದ ಸಮಾಜಕ್ಕೆ ಉತ್ತಮ ಸಂದೇಶ ಹೋಗಲಿದೆ. ಹೀಗಾಗಿ ಸರ್ಕಾರ ಈ ಚಿತ್ರಕ್ಕೆ ವಿಶೇಷ ರಿಯಾಯಿತಿ ನೀಡಿ ಪ್ರೋತ್ಸಾಹಿಸಬೇಕಿದೆ ಎಂದರು.
ಸೆಪ್ಟೆಂಬರ್ 10
ಪತ್ರಿಕಾ ಭವನದಲ್ಲಿ ಸೆಪ್ಟೆಂಬರ್–10 ಚಿತ್ರದ ಪೋಸ್ಟರ್ ಬಿಡುಗಡೆಗೊಳಿಸಲಾಯಿತು.
ಶಶಿಕುಮಾರ್ ನಾಯಕನಟನಾಗಿ ನಟಿಸಿದ್ದಾರೆ ಎಂದರು. ಕಳೆದ 40 ವರ್ಷಗಳಿಂದಲೂ ಕನ್ನಡ ಚಿತ್ರರಂಗದಲ್ಲಿ ನೆಲೆಯೂರಿರುವ ನಾನು ಅನೇಕ ಚಿತ್ರ ಪ್ರಧಾನ ಚಿತ್ರಗಳ ನಿರ್ದೇಶನ ಮಾಡಿದ್ದೇನೆ. ಇದುವರೆಗೆ 9 ಚಿತ್ರಗಳನ್ನು ನಿರ್ಮಾಣ ಮಾಡಿದ್ದೇನೆ. ಕೆ.80 ಚಿತ್ರಗಳು ಯಶಸ್ವಿಯಾಗಿವೆ ಎಂದರು.
ಕಂಡಿರುವೆ. ಬಹುದಿನಗಳ ಬಳಿಕ ಇದೀಗ ವಿಭಿನ್ನವಾದ ಕಥೆಯನ್ನು ಒಳಗೊಂಡ ಚಿತ್ರವನ್ನು ಕನ್ನಡ ಪ್ರೇಕ್ಷಕರ ಮುಂದೆ ತರಲಾಗಿದೆ. ಕನ್ನಡಿಗರು ಈ ಚಿತ್ರ ನೋಡಿ ಹರಸಬೇಕು ಎಂದು ಮನವಿ ಮಾಡಿದರು. ಈ ಸಂದರ್ಭದಲ್ಲಿ ಚಿತ್ರದ ನಟರಾದ ಪ್ರಕಾಶ್ ರಾವ್, ಜಯಸಿಂಹ, ಕರಡೇ ಮುಖಂಡರಾದ ಗುಜ್ಜಲ ನಾಗರಾಜ, ಟಿ.ಹನುಮಂತಪ್ಪ ಹಾಗೂ ಜಾಫರ್ ಇದ್ದರು.
